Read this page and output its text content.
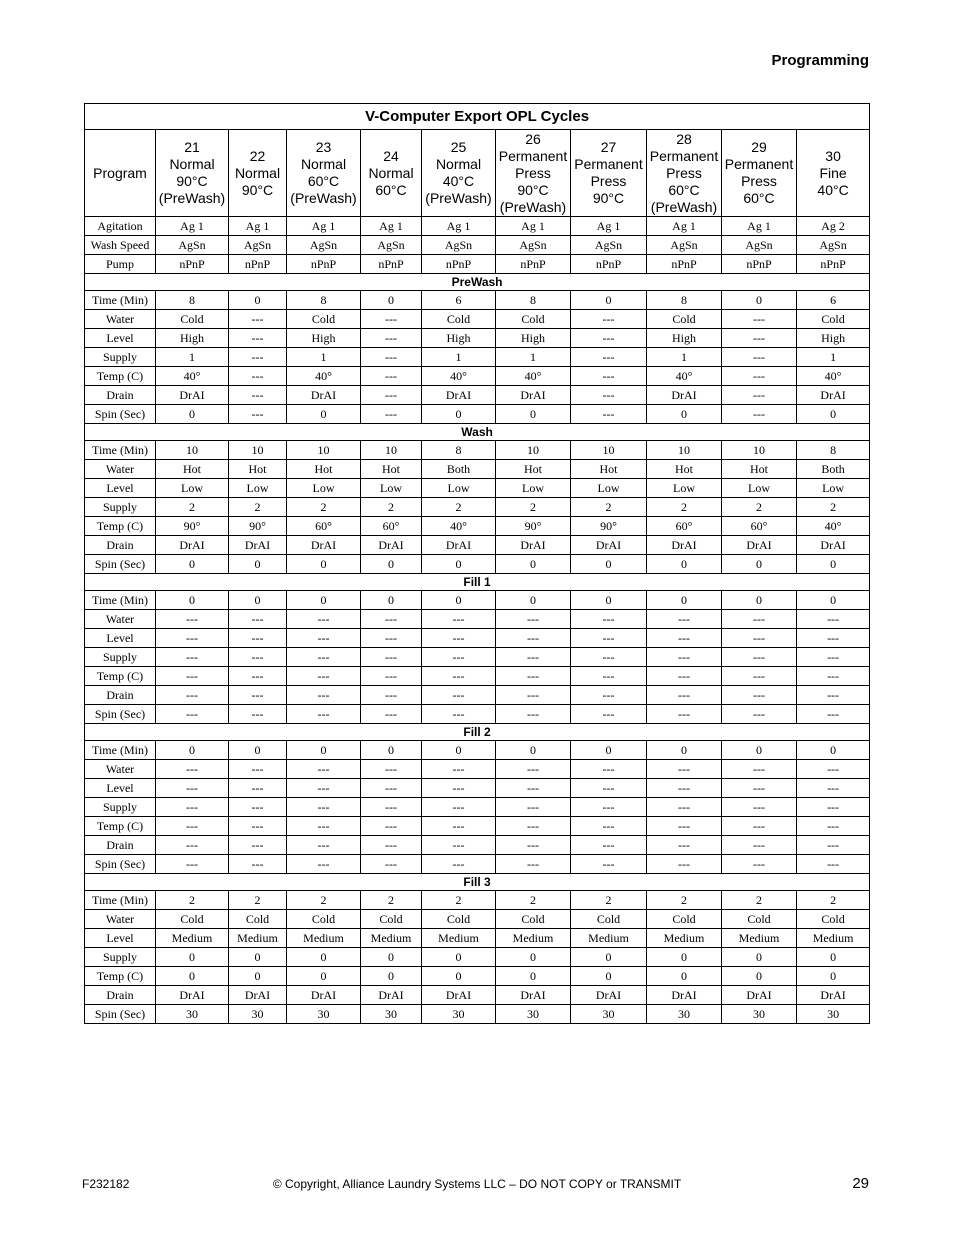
Programming
V-Computer Export OPL Cycles										
Program	21
Normal
90°C
(PreWash)	22
Normal
90°C	23
Normal
60°C
(PreWash)	24
Normal
60°C	25
Normal
40°C
(PreWash)	26
Permanent
Press
90°C
(PreWash)	27
Permanent
Press
90°C	28
Permanent
Press
60°C
(PreWash)	29
Permanent
Press
60°C	30
Fine
40°C

Agitation	Ag 1	Ag 1	Ag 1	Ag 1	Ag 1	Ag 1	Ag 1	Ag 1	Ag 1	Ag 2
Wash Speed	AgSn	AgSn	AgSn	AgSn	AgSn	AgSn	AgSn	AgSn	AgSn	AgSn
Pump	nPnP	nPnP	nPnP	nPnP	nPnP	nPnP	nPnP	nPnP	nPnP	nPnP
PreWash										
Time (Min)	8	0	8	0	6	8	0	8	0	6
Water	Cold	---	Cold	---	Cold	Cold	---	Cold	---	Cold
Level	High	---	High	---	High	High	---	High	---	High
Supply	1	---	1	---	1	1	---	1	---	1
Temp (C)	40°	---	40°	---	40°	40°	---	40°	---	40°
Drain	DrAI	---	DrAI	---	DrAI	DrAI	---	DrAI	---	DrAI
Spin (Sec)	0	---	0	---	0	0	---	0	---	0
Wash										
Time (Min)	10	10	10	10	8	10	10	10	10	8
Water	Hot	Hot	Hot	Hot	Both	Hot	Hot	Hot	Hot	Both
Level	Low	Low	Low	Low	Low	Low	Low	Low	Low	Low
Supply	2	2	2	2	2	2	2	2	2	2
Temp (C)	90°	90°	60°	60°	40°	90°	90°	60°	60°	40°
Drain	DrAI	DrAI	DrAI	DrAI	DrAI	DrAI	DrAI	DrAI	DrAI	DrAI
Spin (Sec)	0	0	0	0	0	0	0	0	0	0
Fill 1										
Time (Min)	0	0	0	0	0	0	0	0	0	0
Water	---	---	---	---	---	---	---	---	---	---
Level	---	---	---	---	---	---	---	---	---	---
Supply	---	---	---	---	---	---	---	---	---	---
Temp (C)	---	---	---	---	---	---	---	---	---	---
Drain	---	---	---	---	---	---	---	---	---	---
Spin (Sec)	---	---	---	---	---	---	---	---	---	---
Fill 2										
Time (Min)	0	0	0	0	0	0	0	0	0	0
Water	---	---	---	---	---	---	---	---	---	---
Level	---	---	---	---	---	---	---	---	---	---
Supply	---	---	---	---	---	---	---	---	---	---
Temp (C)	---	---	---	---	---	---	---	---	---	---
Drain	---	---	---	---	---	---	---	---	---	---
Spin (Sec)	---	---	---	---	---	---	---	---	---	---
Fill 3										
Time (Min)	2	2	2	2	2	2	2	2	2	2
Water	Cold	Cold	Cold	Cold	Cold	Cold	Cold	Cold	Cold	Cold
Level	Medium	Medium	Medium	Medium	Medium	Medium	Medium	Medium	Medium	Medium
Supply	0	0	0	0	0	0	0	0	0	0
Temp (C)	0	0	0	0	0	0	0	0	0	0
Drain	DrAI	DrAI	DrAI	DrAI	DrAI	DrAI	DrAI	DrAI	DrAI	DrAI
Spin (Sec)	30	30	30	30	30	30	30	30	30	30
F232182	© Copyright, Alliance Laundry Systems LLC – DO NOT COPY or TRANSMIT	29
